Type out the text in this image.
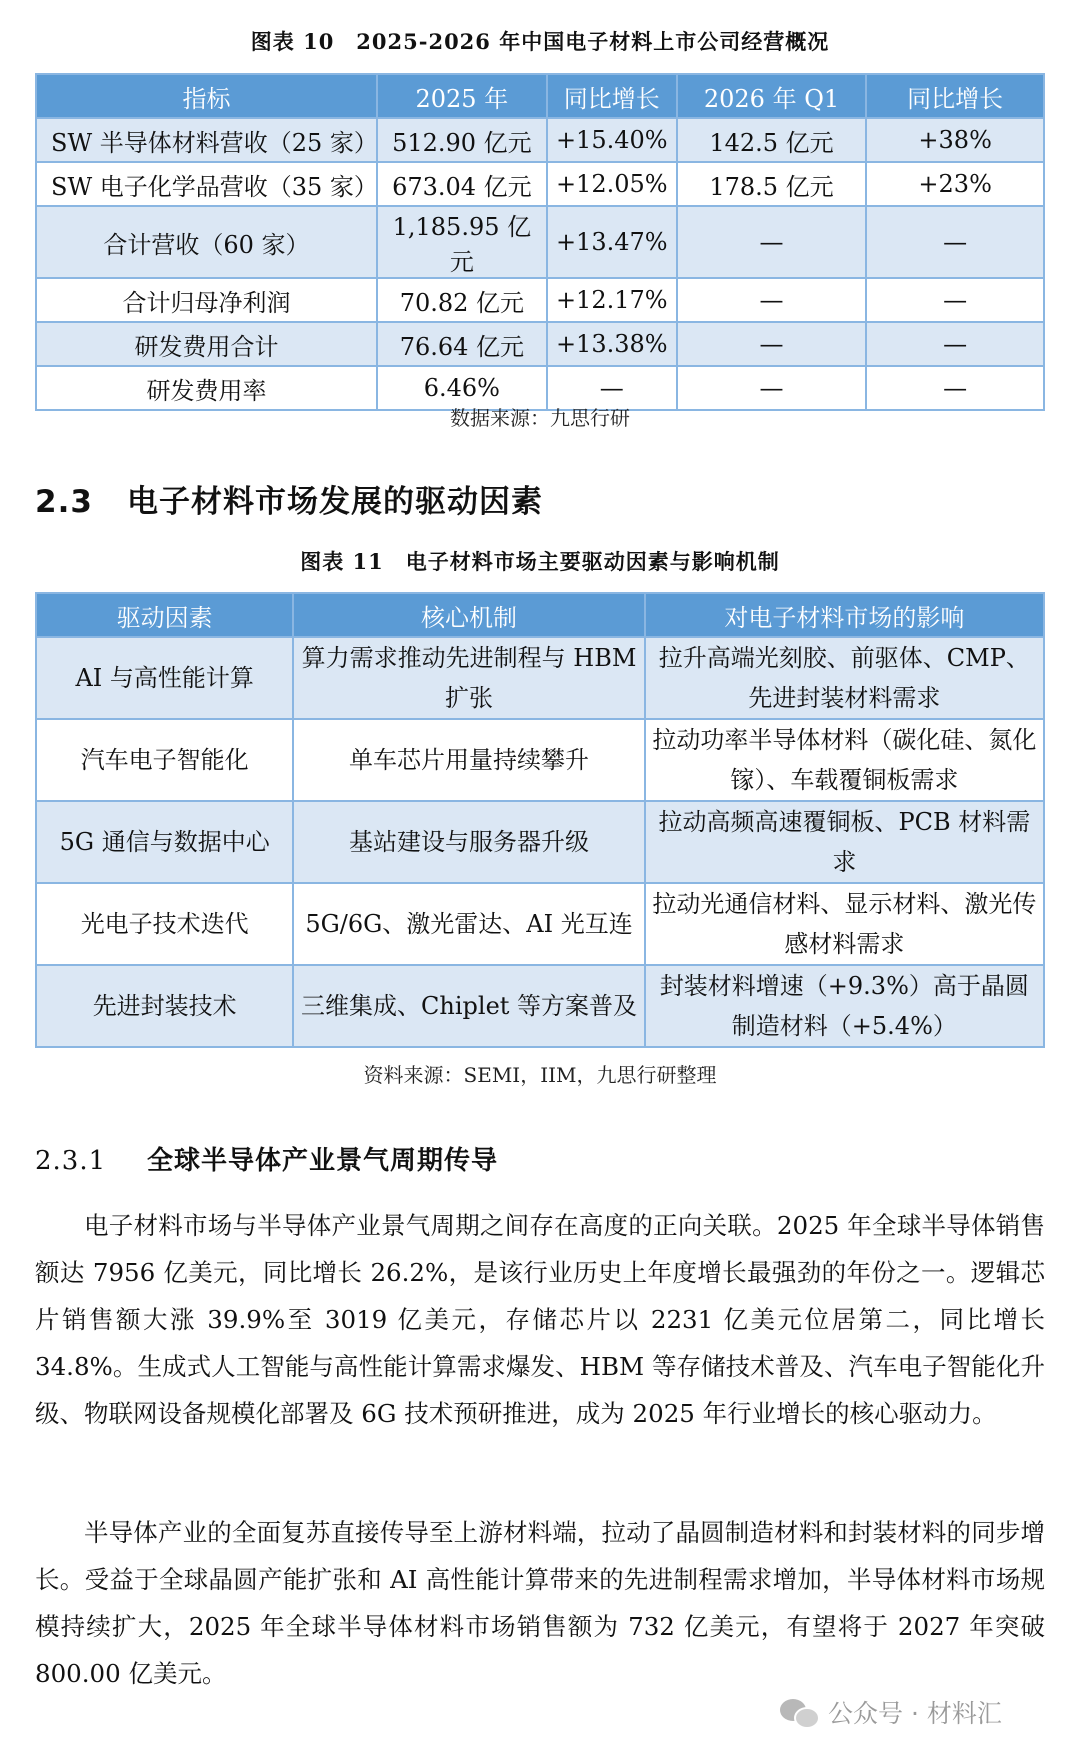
图表 10　2025-2026 年中国电子材料上市公司经营概况
指标	2025 年	同比增长	2026 年 Q1	同比增长
SW 半导体材料营收（25 家）	512.90 亿元	+15.40%	142.5 亿元	+38%
SW 电子化学品营收（35 家）	673.04 亿元	+12.05%	178.5 亿元	+23%
合计营收（60 家）	1,185.95 亿元	+13.47%	—	—
合计归母净利润	70.82 亿元	+12.17%	—	—
研发费用合计	76.64 亿元	+13.38%	—	—
研发费用率	6.46%	—	—	—
数据来源：九思行研
2.3 电子材料市场发展的驱动因素
图表 11　电子材料市场主要驱动因素与影响机制
驱动因素	核心机制	对电子材料市场的影响
AI 与高性能计算	算力需求推动先进制程与 HBM 扩张	拉升高端光刻胶、前驱体、CMP、先进封装材料需求
汽车电子智能化	单车芯片用量持续攀升	拉动功率半导体材料（碳化硅、氮化镓）、车载覆铜板需求
5G 通信与数据中心	基站建设与服务器升级	拉动高频高速覆铜板、PCB 材料需求
光电子技术迭代	5G/6G、激光雷达、AI 光互连	拉动光通信材料、显示材料、激光传感材料需求
先进封装技术	三维集成、Chiplet 等方案普及	封装材料增速（+9.3%）高于晶圆制造材料（+5.4%）
资料来源：SEMI，IIM，九思行研整理
2.3.1 全球半导体产业景气周期传导

电子材料市场与半导体产业景气周期之间存在高度的正向关联。2025 年全球半导体销售额达 7956 亿美元，同比增长 26.2%，是该行业历史上年度增长最强劲的年份之一。逻辑芯片销售额大涨 39.9%至 3019 亿美元，存储芯片以 2231 亿美元位居第二，同比增长 34.8%。生成式人工智能与高性能计算需求爆发、HBM 等存储技术普及、汽车电子智能化升级、物联网设备规模化部署及 6G 技术预研推进，成为 2025 年行业增长的核心驱动力。

半导体产业的全面复苏直接传导至上游材料端，拉动了晶圆制造材料和封装材料的同步增长。受益于全球晶圆产能扩张和 AI 高性能计算带来的先进制程需求增加，半导体材料市场规模持续扩大，2025 年全球半导体材料市场销售额为 732 亿美元，有望将于 2027 年突破 800.00 亿美元。

公众号 · 材料汇
